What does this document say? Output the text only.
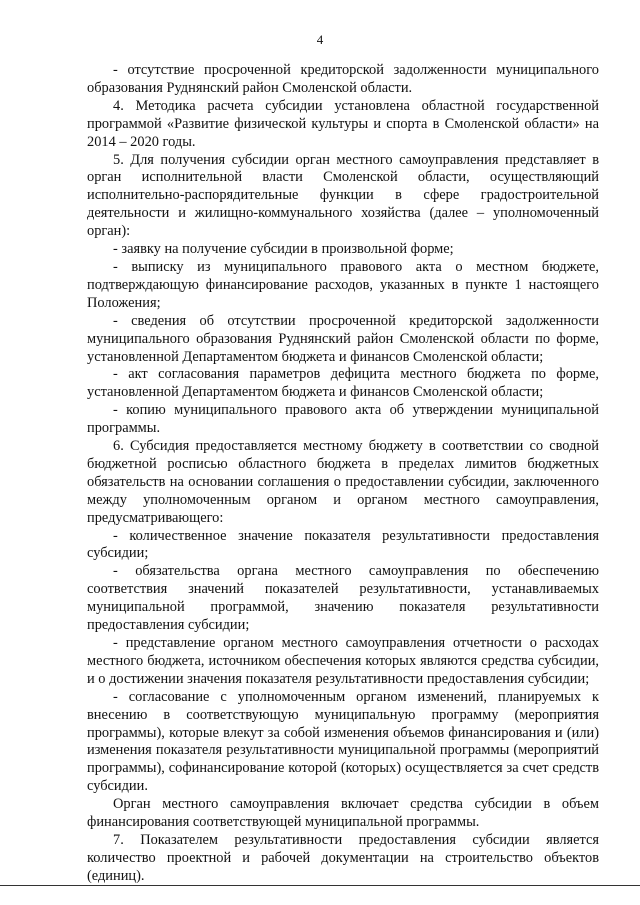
4

- отсутствие просроченной кредиторской задолженности муниципального образования Руднянский район Смоленской области.

4. Методика расчета субсидии установлена областной государственной программой «Развитие физической культуры и спорта в Смоленской области» на 2014 – 2020 годы.

5. Для получения субсидии орган местного самоуправления представляет в орган исполнительной власти Смоленской области, осуществляющий исполнительно-распорядительные функции в сфере градостроительной деятельности и жилищно-коммунального хозяйства (далее – уполномоченный орган):

- заявку на получение субсидии в произвольной форме;

- выписку из муниципального правового акта о местном бюджете, подтверждающую финансирование расходов, указанных в пункте 1 настоящего Положения;

- сведения об отсутствии просроченной кредиторской задолженности муниципального образования Руднянский район Смоленской области по форме, установленной Департаментом бюджета и финансов Смоленской области;

- акт согласования параметров дефицита местного бюджета по форме, установленной Департаментом бюджета и финансов Смоленской области;

- копию муниципального правового акта об утверждении муниципальной программы.

6. Субсидия предоставляется местному бюджету в соответствии со сводной бюджетной росписью областного бюджета в пределах лимитов бюджетных обязательств на основании соглашения о предоставлении субсидии, заключенного между уполномоченным органом и органом местного самоуправления, предусматривающего:

- количественное значение показателя результативности предоставления субсидии;

- обязательства органа местного самоуправления по обеспечению соответствия значений показателей результативности, устанавливаемых муниципальной программой, значению показателя результативности предоставления субсидии;

- представление органом местного самоуправления отчетности о расходах местного бюджета, источником обеспечения которых являются средства субсидии, и о достижении значения показателя результативности предоставления субсидии;

- согласование с уполномоченным органом изменений, планируемых к внесению в соответствующую муниципальную программу (мероприятия программы), которые влекут за собой изменения объемов финансирования и (или) изменения показателя результативности муниципальной программы (мероприятий программы), софинансирование которой (которых) осуществляется за счет средств субсидии.

Орган местного самоуправления включает средства субсидии в объем финансирования соответствующей муниципальной программы.

7. Показателем результативности предоставления субсидии является количество проектной и рабочей документации на строительство объектов (единиц).
